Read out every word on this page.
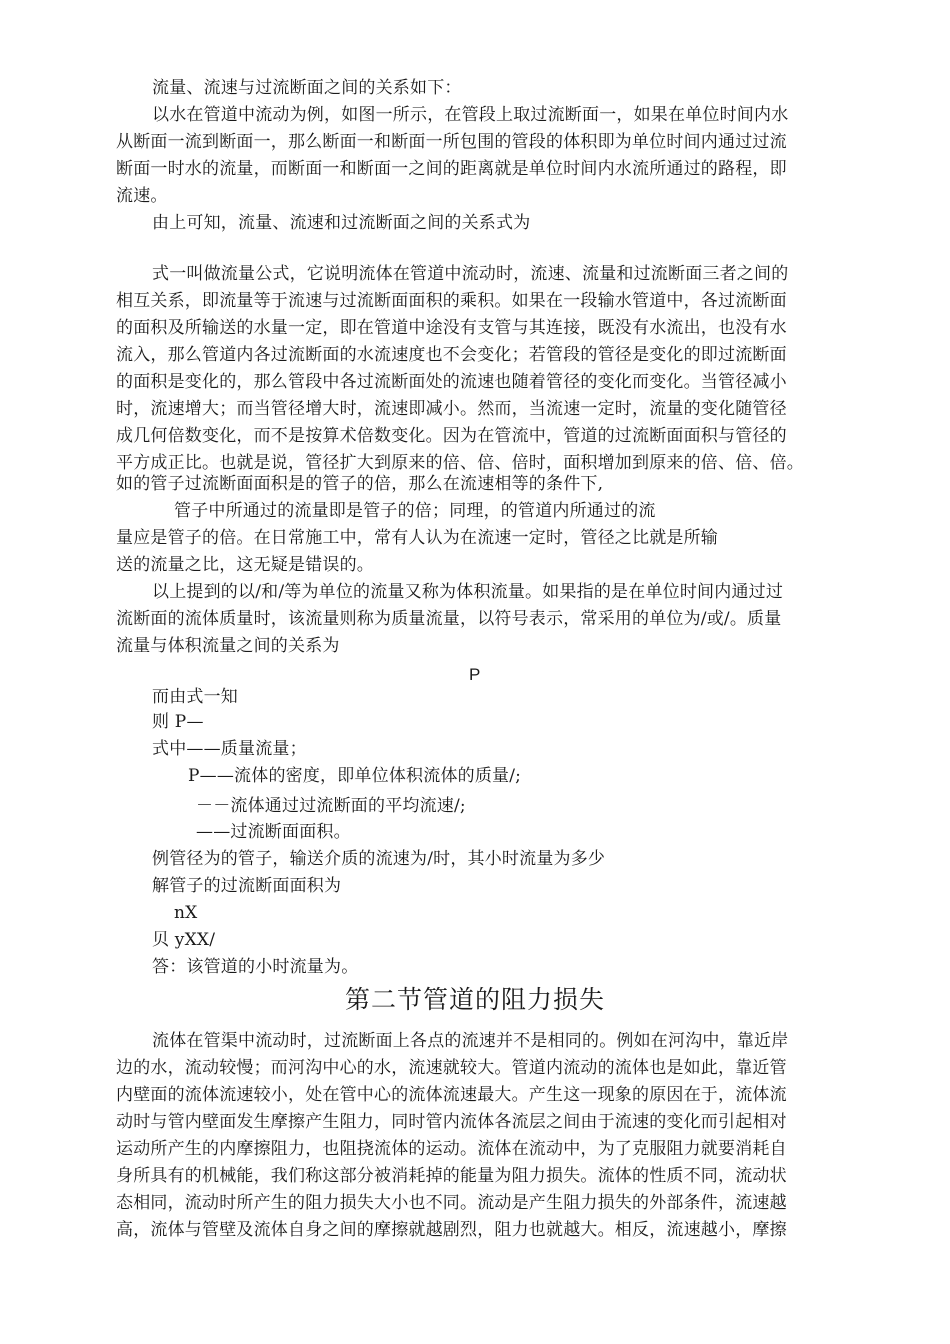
流量、流速与过流断面之间的关系如下：
以水在管道中流动为例，如图一所示，在管段上取过流断面一，如果在单位时间内水
从断面一流到断面一，那么断面一和断面一所包围的管段的体积即为单位时间内通过过流
断面一时水的流量，而断面一和断面一之间的距离就是单位时间内水流所通过的路程，即
流速。
由上可知，流量、流速和过流断面之间的关系式为
式一叫做流量公式，它说明流体在管道中流动时，流速、流量和过流断面三者之间的
相互关系，即流量等于流速与过流断面面积的乘积。如果在一段输水管道中，各过流断面
的面积及所输送的水量一定，即在管道中途没有支管与其连接，既没有水流出，也没有水
流入，那么管道内各过流断面的水流速度也不会变化；若管段的管径是变化的即过流断面
的面积是变化的，那么管段中各过流断面处的流速也随着管径的变化而变化。当管径减小
时，流速增大；而当管径增大时，流速即减小。然而，当流速一定时，流量的变化随管径
成几何倍数变化，而不是按算术倍数变化。因为在管流中，管道的过流断面面积与管径的
平方成正比。也就是说，管径扩大到原来的倍、倍、倍时，面积增加到原来的倍、倍、倍。
如的管子过流断面面积是的管子的倍，那么在流速相等的条件下,
管子中所通过的流量即是管子的倍；同理，的管道内所通过的流
量应是管子的倍。在日常施工中，常有人认为在流速一定时，管径之比就是所输
送的流量之比，这无疑是错误的。
以上提到的以/和/等为单位的流量又称为体积流量。如果指的是在单位时间内通过过
流断面的流体质量时，该流量则称为质量流量，以符号表示，常采用的单位为/或/。质量
流量与体积流量之间的关系为
P
而由式一知
则 P—
式中——质量流量；
P——流体的密度，即单位体积流体的质量/;
－－流体通过过流断面的平均流速/;
——过流断面面积。
例管径为的管子，输送介质的流速为/时，其小时流量为多少
解管子的过流断面面积为
nX
贝 yXX/
答：该管道的小时流量为。
第二节管道的阻力损失
流体在管渠中流动时，过流断面上各点的流速并不是相同的。例如在河沟中，靠近岸
边的水，流动较慢；而河沟中心的水，流速就较大。管道内流动的流体也是如此，靠近管
内壁面的流体流速较小，处在管中心的流体流速最大。产生这一现象的原因在于，流体流
动时与管内壁面发生摩擦产生阻力，同时管内流体各流层之间由于流速的变化而引起相对
运动所产生的内摩擦阻力，也阻挠流体的运动。流体在流动中，为了克服阻力就要消耗自
身所具有的机械能，我们称这部分被消耗掉的能量为阻力损失。流体的性质不同，流动状
态相同，流动时所产生的阻力损失大小也不同。流动是产生阻力损失的外部条件，流速越
高，流体与管壁及流体自身之间的摩擦就越剧烈，阻力也就越大。相反，流速越小，摩擦
